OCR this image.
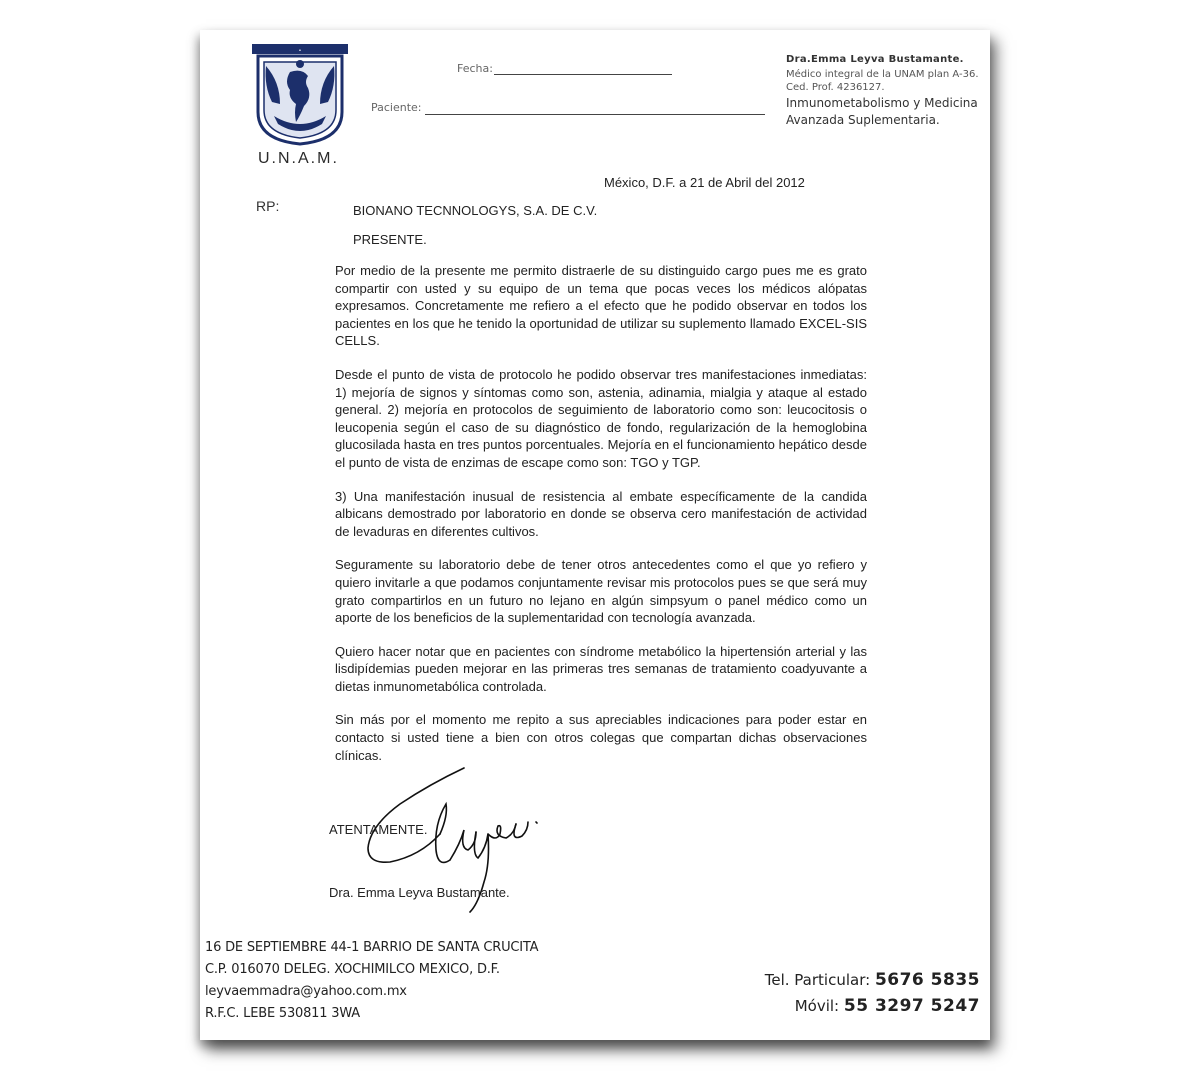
•
U.N.A.M.
Fecha:
Paciente:
Dra.Emma Leyva Bustamante.
Médico integral de la UNAM plan A-36.
Ced. Prof. 4236127.
Inmunometabolismo y Medicina
Avanzada Suplementaria.
México, D.F. a 21 de Abril del 2012
RP:	BIONANO TECNNOLOGYS, S.A. DE C.V.
PRESENTE.

Por medio de la presente me permito distraerle de su distinguido cargo pues me es grato compartir con usted y su equipo de un tema que pocas veces los médicos alópatas expresamos. Concretamente me refiero a el efecto que he podido observar en todos los pacientes en los que he tenido la oportunidad de utilizar su suplemento llamado EXCEL-SIS CELLS.

Desde el punto de vista de protocolo he podido observar tres manifestaciones inmediatas: 1) mejoría de signos y síntomas como son, astenia, adinamia, mialgia y ataque al estado general. 2) mejoría en protocolos de seguimiento de laboratorio como son: leucocitosis o leucopenia según el caso de su diagnóstico de fondo, regularización de la hemoglobina glucosilada hasta en tres puntos porcentuales. Mejoría en el funcionamiento hepático desde el punto de vista de enzimas de escape como son: TGO y TGP.

3) Una manifestación inusual de resistencia al embate específicamente de la candida albicans demostrado por laboratorio en donde se observa cero manifestación de actividad de levaduras en diferentes cultivos.

Seguramente su laboratorio debe de tener otros antecedentes como el que yo refiero y quiero invitarle a que podamos conjuntamente revisar mis protocolos pues se que será muy grato compartirlos en un futuro no lejano en algún simpsyum o panel médico como un aporte de los beneficios de la suplementaridad con tecnología avanzada.

Quiero hacer notar que en pacientes con síndrome metabólico la hipertensión arterial y las lisdipídemias pueden mejorar en las primeras tres semanas de tratamiento coadyuvante a dietas inmunometabólica controlada.

Sin más por el momento me repito a sus apreciables indicaciones para poder estar en contacto si usted tiene a bien con otros colegas que compartan dichas observaciones clínicas.

ATENTAMENTE.
Dra. Emma Leyva Bustamante.
16 DE SEPTIEMBRE 44-1 BARRIO DE SANTA CRUCITA
C.P. 016070 DELEG. XOCHIMILCO MEXICO, D.F.
leyvaemmadra@yahoo.com.mx
R.F.C. LEBE 530811 3WA
Tel. Particular: 5676 5835
Móvil: 55 3297 5247
